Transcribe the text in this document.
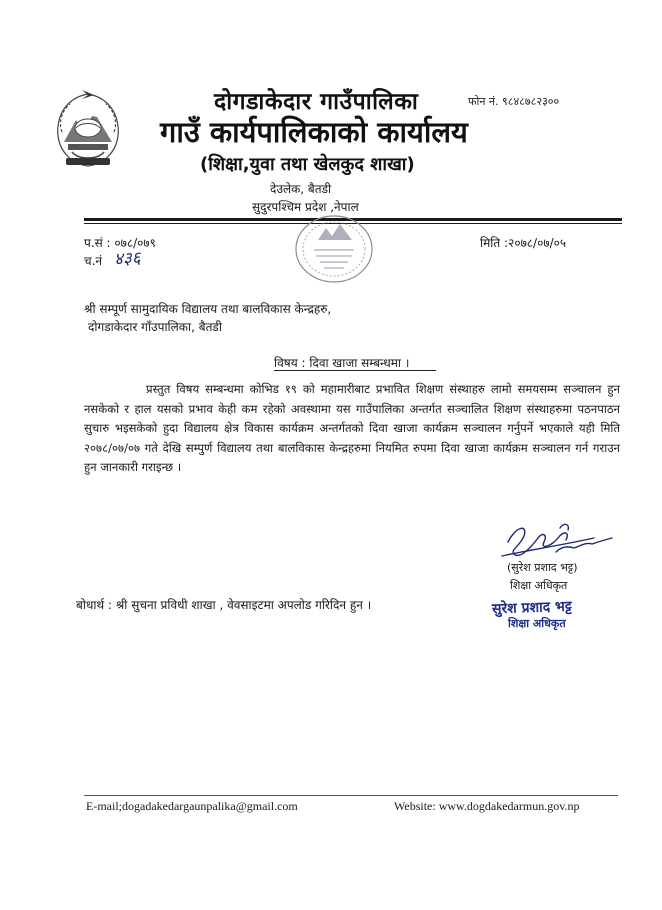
दोगडाकेदार गाउँपालिका	फोन नं. ९८४८७८२३००
गाउँ कार्यपालिकाको कार्यालय
(शिक्षा,युवा तथा खेलकुद शाखा)
देउलेक, बैतडी
सुदुरपश्चिम प्रदेश ,नेपाल
प.सं : ०७८/०७९
च.नं ४३६
मिति :२०७८/०७/०५
श्री सम्पूर्ण सामुदायिक विद्यालय तथा बालविकास केन्द्रहरु,
दोगडाकेदार गाँउपालिका, बैतडी
विषय : दिवा खाजा सम्बन्धमा ।
प्रस्तुत विषय सम्बन्धमा कोभिड १९ को महामारीबाट प्रभावित शिक्षण संस्थाहरु लामो समयसम्म सञ्चालन हुन नसकेको र हाल यसको प्रभाव केही कम रहेको अवस्थामा यस गाउँपालिका अन्तर्गत सञ्चालित शिक्षण संस्थाहरुमा पठनपाठन सुचारु भइसकेको हुदा विद्यालय क्षेत्र विकास कार्यक्रम अन्तर्गतको दिवा खाजा कार्यक्रम सञ्चालन गर्नुपर्ने भएकाले यही मिति २०७८/०७/०७ गते देखि सम्पुर्ण विद्यालय तथा बालविकास केन्द्रहरुमा नियमित रुपमा दिवा खाजा कार्यक्रम सञ्चालन गर्न गराउन हुन जानकारी गराइन्छ ।
(सुरेश प्रशाद भट्ट)
शिक्षा अधिकृत
बोधार्थ : श्री सुचना प्रविधी शाखा , वेवसाइटमा अपलोड गरिदिन हुन ।	सुरेश प्रशाद भट्ट
शिक्षा अधिकृत
E-mail;dogadakedargaunpalika@gmail.com	Website: www.dogdakedarmun.gov.np
